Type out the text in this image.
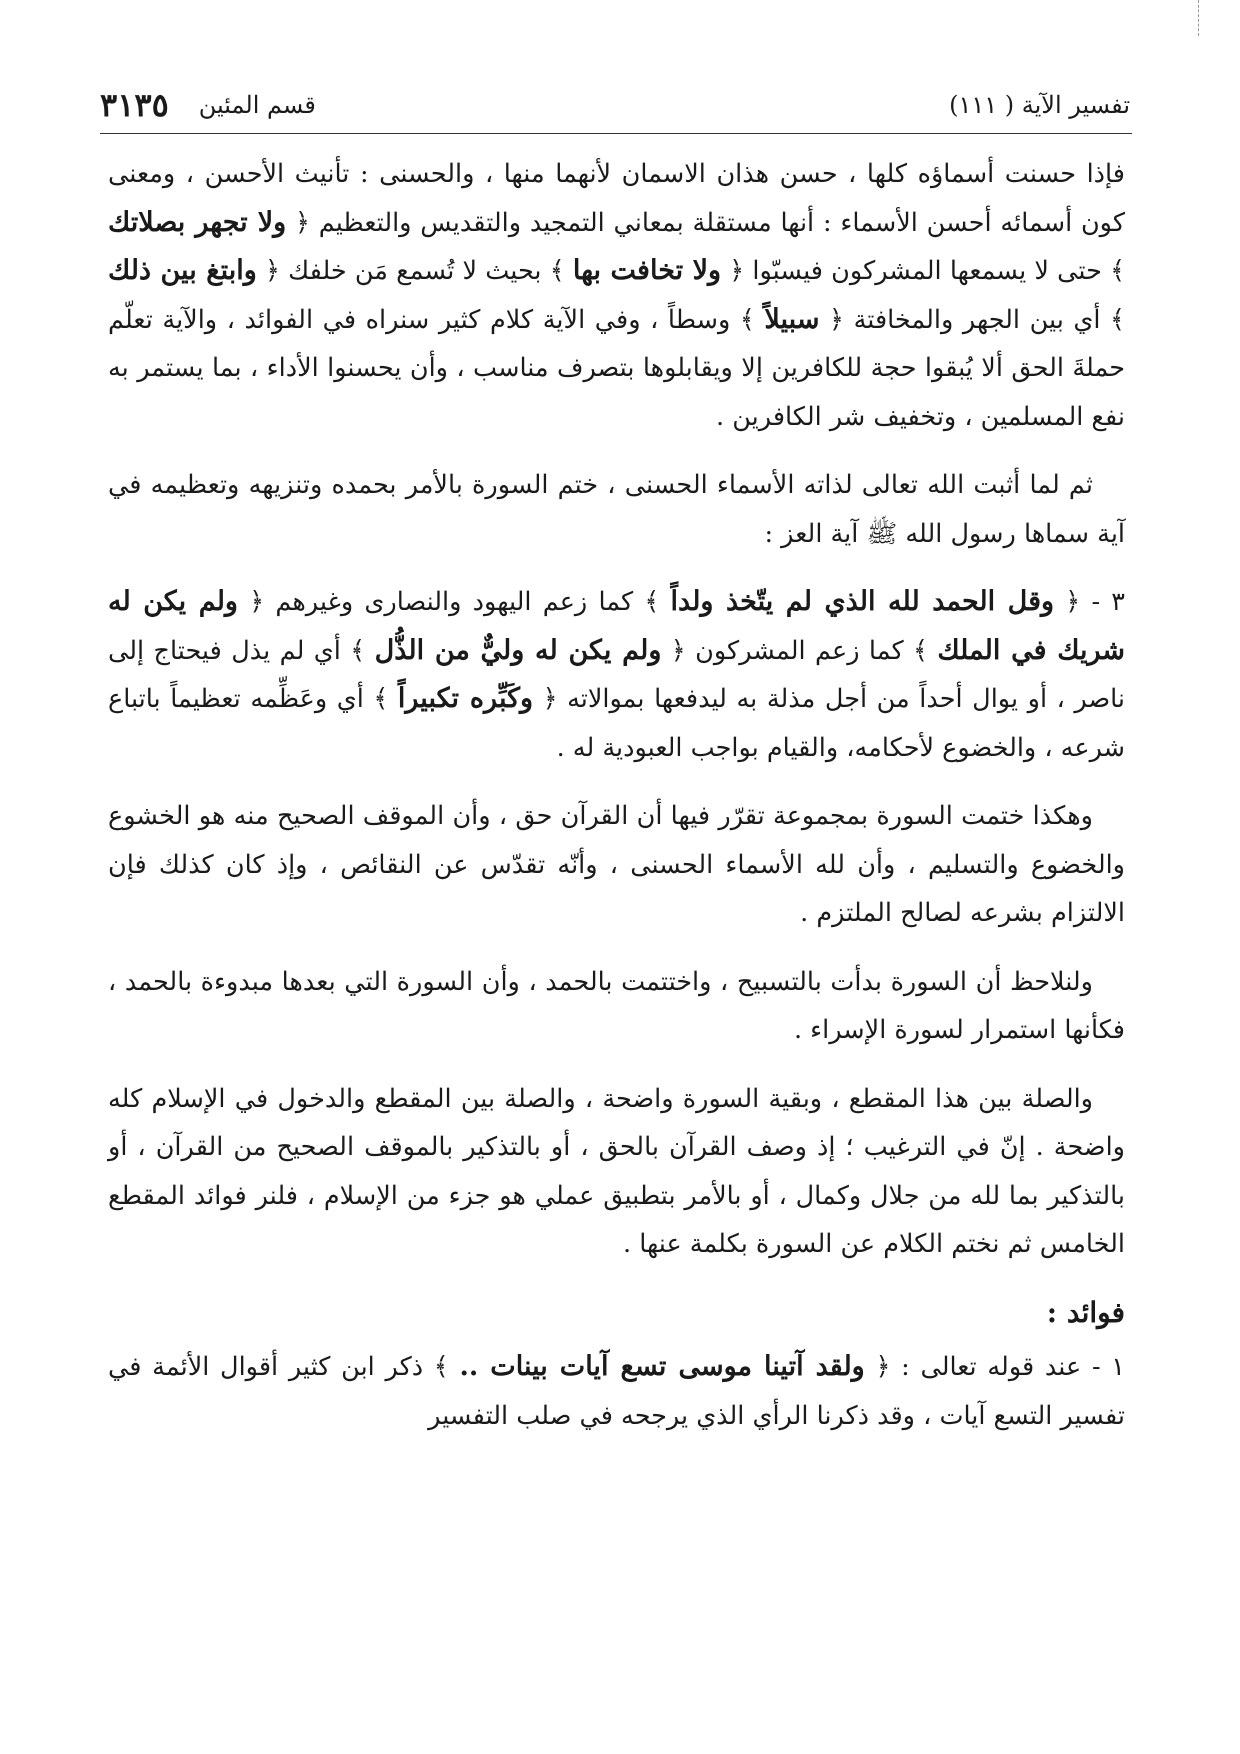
تفسير الآية ( ١١١)
قسم المئين
٣١٣٥

فإذا حسنت أسماؤه كلها ، حسن هذان الاسمان لأنهما منها ، والحسنى : تأنيث الأحسن ، ومعنى كون أسمائه أحسن الأسماء : أنها مستقلة بمعاني التمجيد والتقديس والتعظيم ﴿ ولا تجهر بصلاتك ﴾ حتى لا يسمعها المشركون فيسبّوا ﴿ ولا تخافت بها ﴾ بحيث لا تُسمع مَن خلفك ﴿ وابتغ بين ذلك ﴾ أي بين الجهر والمخافتة ﴿ سبيلاً ﴾ وسطاً ، وفي الآية كلام كثير سنراه في الفوائد ، والآية تعلّم حملةَ الحق ألا يُبقوا حجة للكافرين إلا ويقابلوها بتصرف مناسب ، وأن يحسنوا الأداء ، بما يستمر به نفع المسلمين ، وتخفيف شر الكافرين .

ثم لما أثبت الله تعالى لذاته الأسماء الحسنى ، ختم السورة بالأمر بحمده وتنزيهه وتعظيمه في آية سماها رسول الله ﷺ آية العز :

٣ - ﴿ وقل الحمد لله الذي لم يتّخذ ولداً ﴾ كما زعم اليهود والنصارى وغيرهم ﴿ ولم يكن له شريك في الملك ﴾ كما زعم المشركون ﴿ ولم يكن له وليٌّ من الذُّل ﴾ أي لم يذل فيحتاج إلى ناصر ، أو يوال أحداً من أجل مذلة به ليدفعها بموالاته ﴿ وكَبِّره تكبيراً ﴾ أي وعَظِّمه تعظيماً باتباع شرعه ، والخضوع لأحكامه، والقيام بواجب العبودية له .

وهكذا ختمت السورة بمجموعة تقرّر فيها أن القرآن حق ، وأن الموقف الصحيح منه هو الخشوع والخضوع والتسليم ، وأن لله الأسماء الحسنى ، وأنّه تقدّس عن النقائص ، وإذ كان كذلك فإن الالتزام بشرعه لصالح الملتزم .

ولنلاحظ أن السورة بدأت بالتسبيح ، واختتمت بالحمد ، وأن السورة التي بعدها مبدوءة بالحمد ، فكأنها استمرار لسورة الإسراء .

والصلة بين هذا المقطع ، وبقية السورة واضحة ، والصلة بين المقطع والدخول في الإسلام كله واضحة . إنّ في الترغيب ؛ إذ وصف القرآن بالحق ، أو بالتذكير بالموقف الصحيح من القرآن ، أو بالتذكير بما لله من جلال وكمال ، أو بالأمر بتطبيق عملي هو جزء من الإسلام ، فلنر فوائد المقطع الخامس ثم نختم الكلام عن السورة بكلمة عنها .

فوائد :

١ - عند قوله تعالى : ﴿ ولقد آتينا موسى تسع آيات بينات .. ﴾ ذكر ابن كثير أقوال الأئمة في تفسير التسع آيات ، وقد ذكرنا الرأي الذي يرجحه في صلب التفسير
